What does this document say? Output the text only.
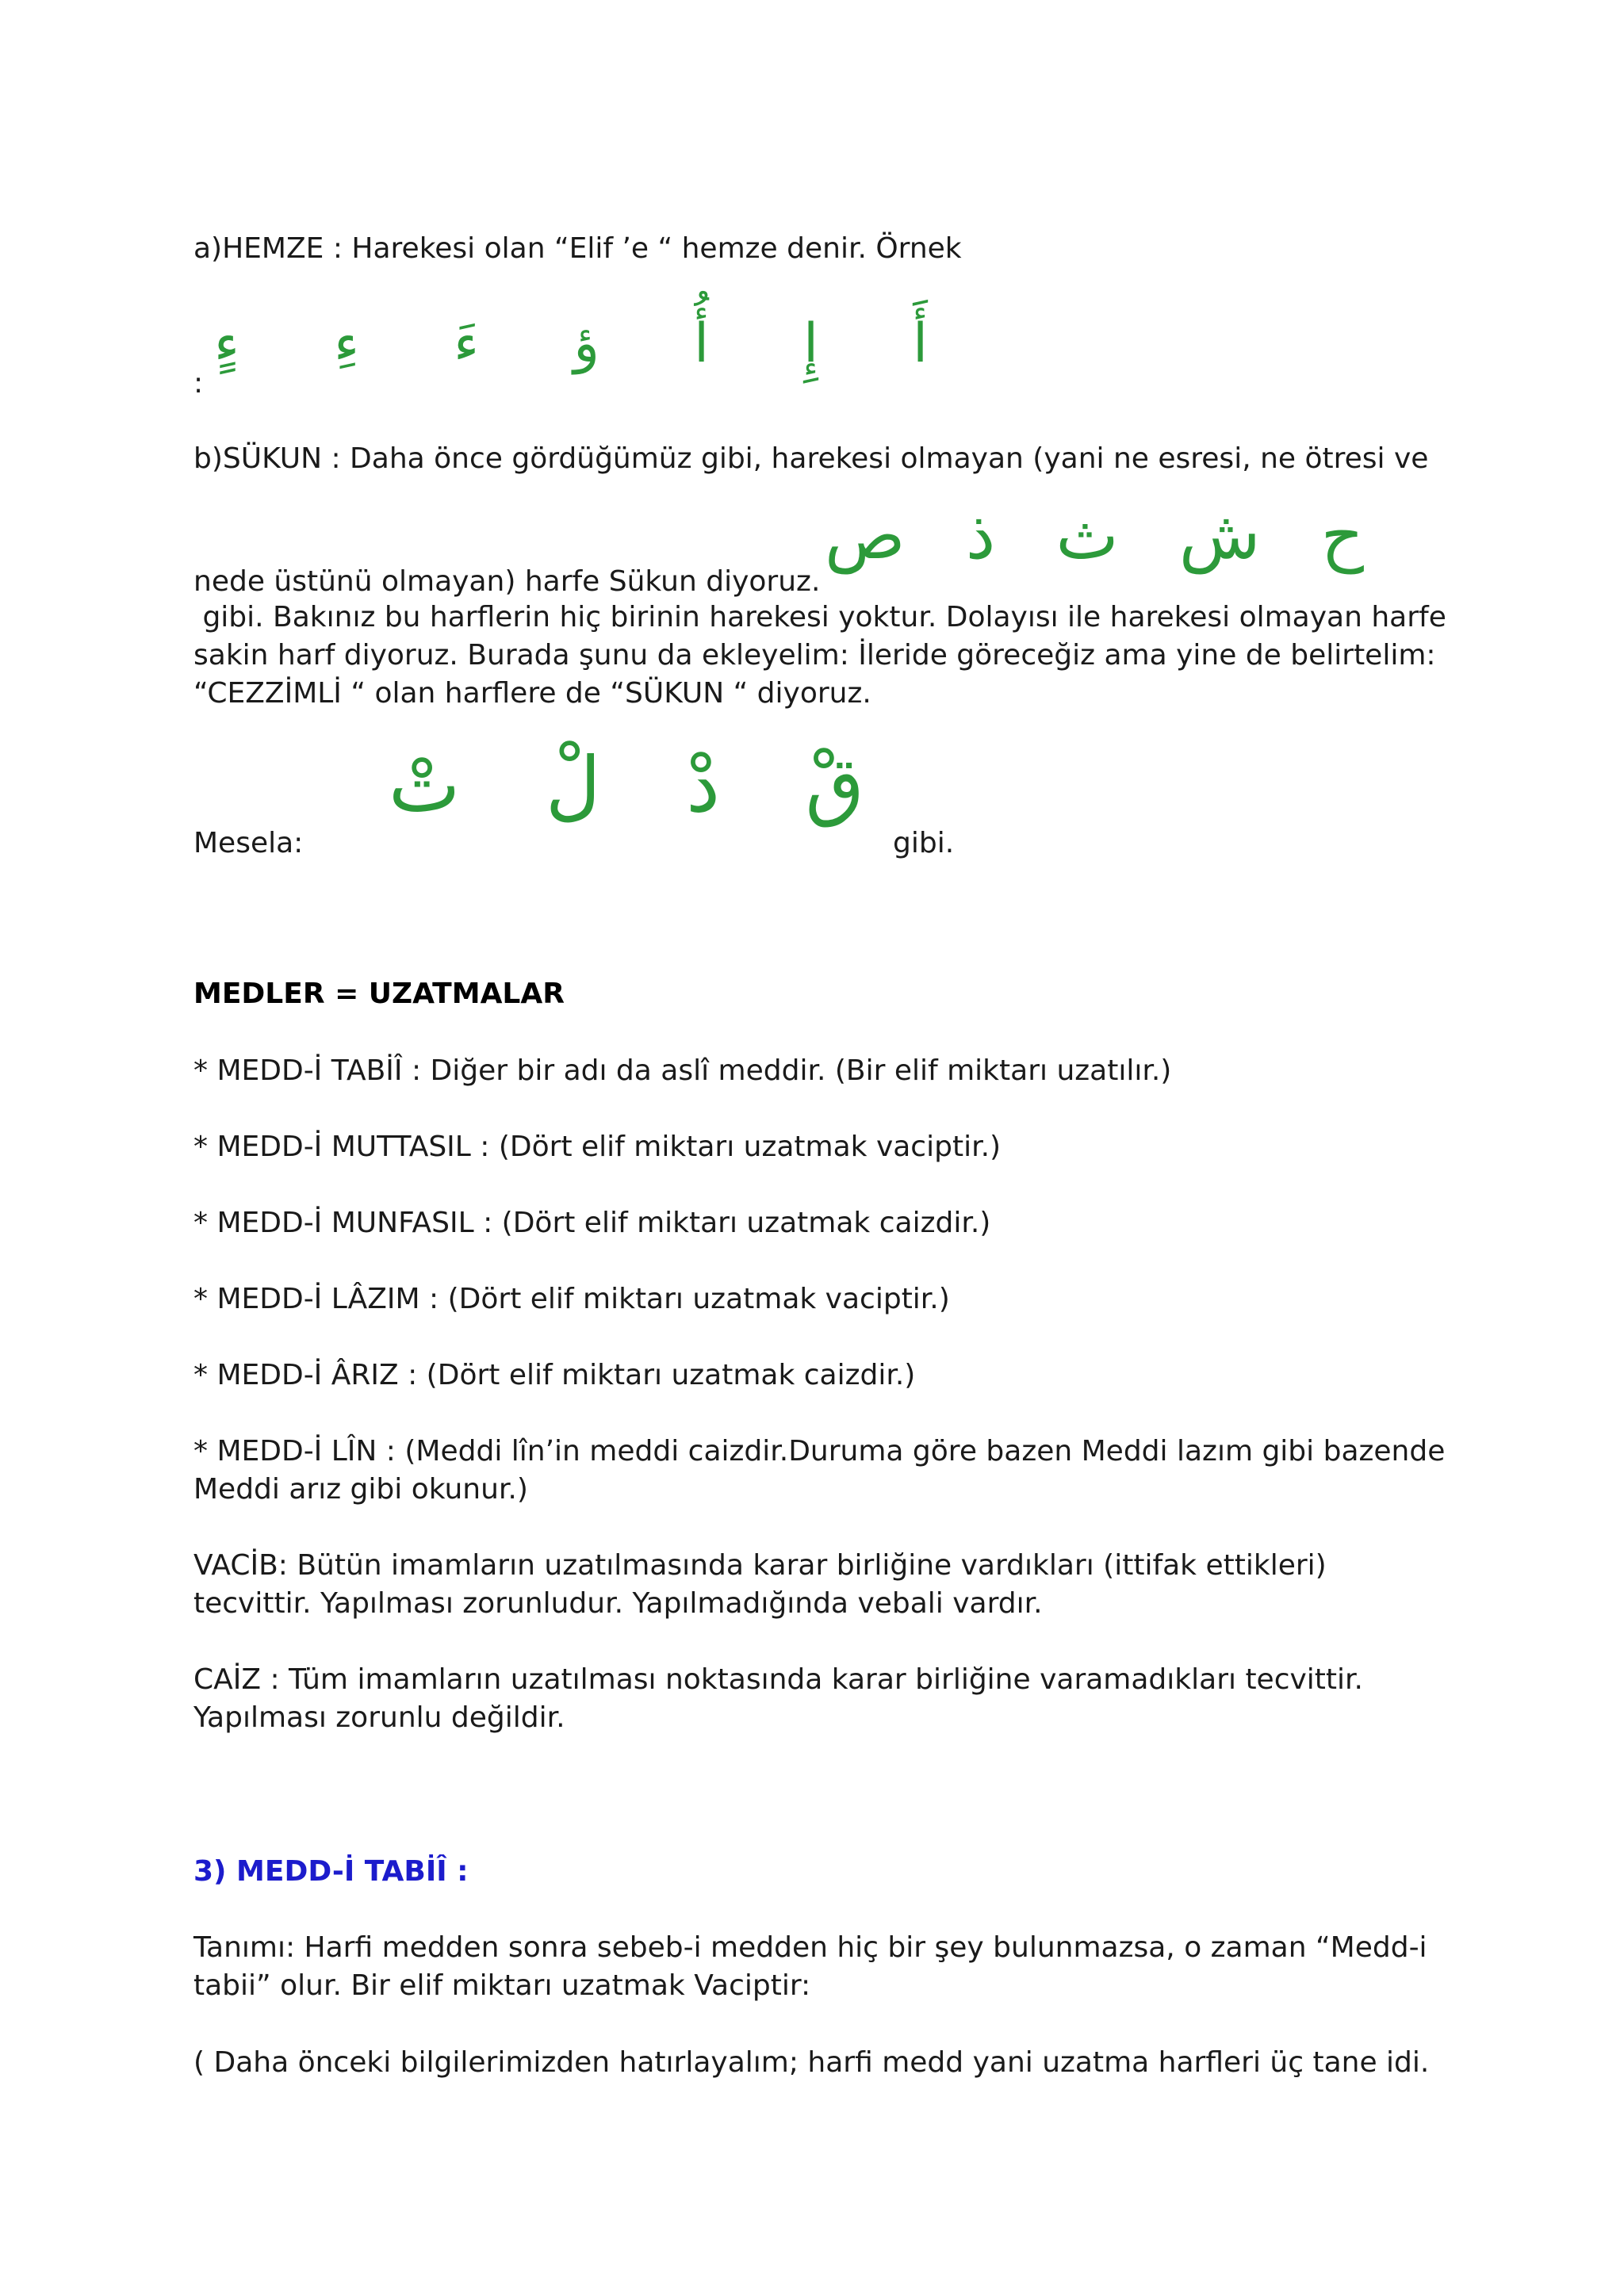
a)HEMZE : Harekesi olan “Elif ’e “ hemze denir. Örnek

ءٍ ءِ ءَ ؤ أُ إِ أَ

:

b)SÜKUN : Daha önce gördüğümüz gibi, harekesi olmayan (yani ne esresi, ne ötresi ve

ص ذ ث ش ح

nede üstünü olmayan) harfe Sükun diyoruz.

gibi. Bakınız bu harflerin hiç birinin harekesi yoktur. Dolayısı ile harekesi olmayan harfe sakin harf diyoruz. Burada şunu da ekleyelim: İleride göreceğiz ama yine de belirtelim: “CEZZİMLİ “ olan harflere de “SÜKUN “ diyoruz.

تْ لْ دْ قْ

Mesela:	gibi.

MEDLER = UZATMALAR

* MEDD-İ TABİÎ : Diğer bir adı da aslî meddir. (Bir elif miktarı uzatılır.)

* MEDD-İ MUTTASIL : (Dört elif miktarı uzatmak vaciptir.)

* MEDD-İ MUNFASIL : (Dört elif miktarı uzatmak caizdir.)

* MEDD-İ LÂZIM : (Dört elif miktarı uzatmak vaciptir.)

* MEDD-İ ÂRIZ : (Dört elif miktarı uzatmak caizdir.)

* MEDD-İ LÎN : (Meddi lîn’in meddi caizdir.Duruma göre bazen Meddi lazım gibi bazende Meddi arız gibi okunur.)

VACİB: Bütün imamların uzatılmasında karar birliğine vardıkları (ittifak ettikleri) tecvittir. Yapılması zorunludur. Yapılmadığında vebali vardır.

CAİZ : Tüm imamların uzatılması noktasında karar birliğine varamadıkları tecvittir. Yapılması zorunlu değildir.

3) MEDD-İ TABİÎ :

Tanımı: Harfi medden sonra sebeb-i medden hiç bir şey bulunmazsa, o zaman “Medd-i tabii” olur. Bir elif miktarı uzatmak Vaciptir:

( Daha önceki bilgilerimizden hatırlayalım; harfi medd yani uzatma harfleri üç tane idi.
